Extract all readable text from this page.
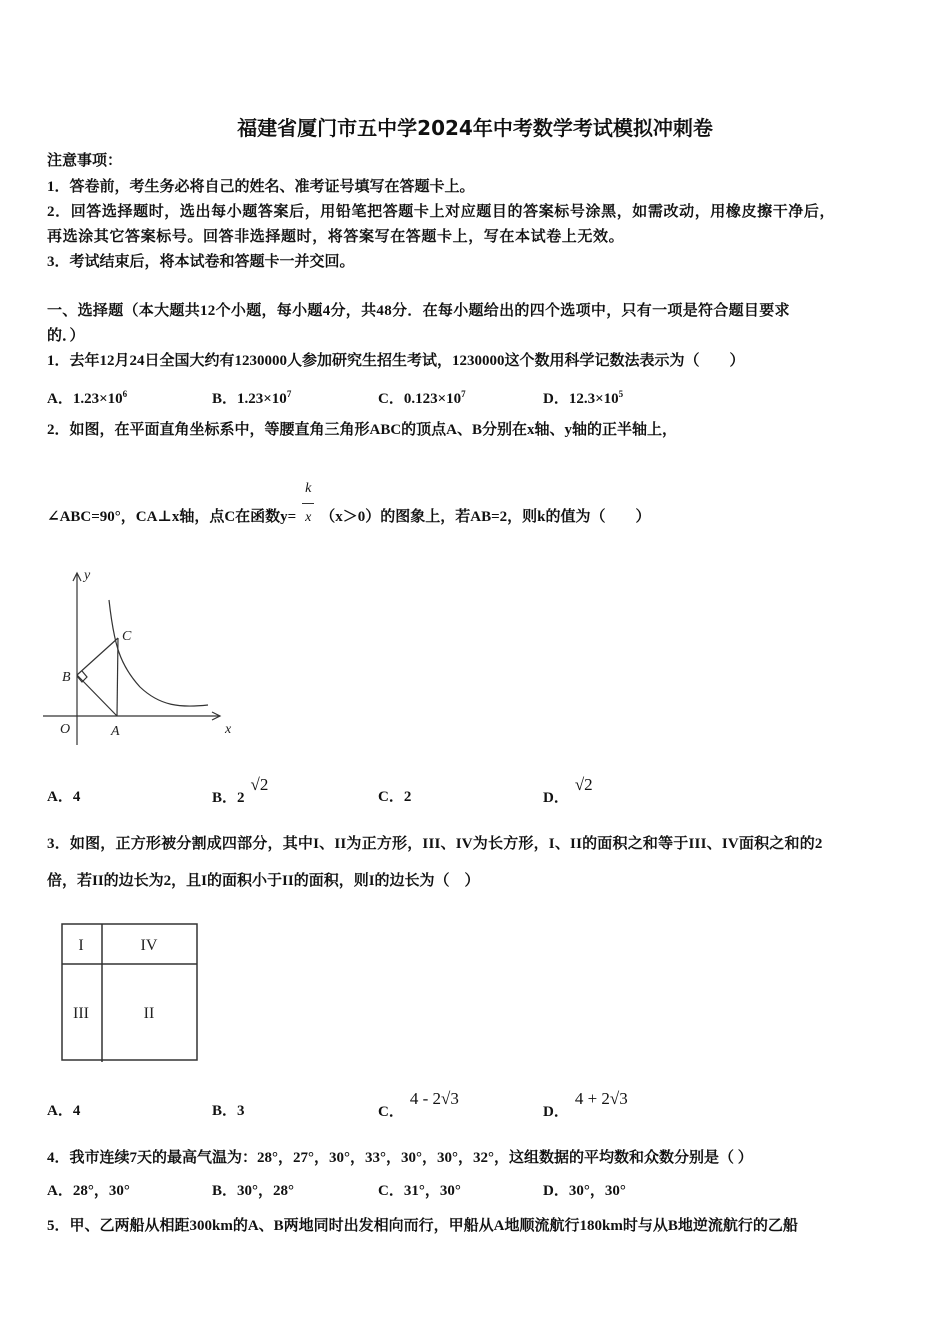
福建省厦门市五中学2024年中考数学考试模拟冲刺卷
注意事项：
1．答卷前，考生务必将自己的姓名、准考证号填写在答题卡上。
2．回答选择题时，选出每小题答案后，用铅笔把答题卡上对应题目的答案标号涂黑，如需改动，用橡皮擦干净后，
再选涂其它答案标号。回答非选择题时，将答案写在答题卡上，写在本试卷上无效。
3．考试结束后，将本试卷和答题卡一并交回。
一、选择题（本大题共12个小题，每小题4分，共48分．在每小题给出的四个选项中，只有一项是符合题目要求
的．）
1．去年12月24日全国大约有1230000人参加研究生招生考试，1230000这个数用科学记数法表示为（　　）
A．$1.23\times 10^6$	B．$1.23\times 10^7$	C．$0.123\times 10^7$	D．$12.3\times 10^5$
2．如图，在平面直角坐标系中，等腰直角三角形ABC的顶点A、B分别在x轴、y轴的正半轴上，
∠ABC=90°，CA⊥x轴，点C在函数$y= \frac{k}{x} (x>0)$的图象上，若AB=2，则k的值为（　　）
y
x
O	A
B
C
A．4	B．2√2
C．2	D．√2
3．如图，正方形被分割成四部分，其中I、II为正方形，III、IV为长方形，I、II的面积之和等于III、IV面积之和的2
倍，若II的边长为2，且I的面积小于II的面积，则I的边长为（　）
I	IV
III	II
A．4	B．3	C．4 - 2√3
D．4 + 2√3
4．我市连续7天的最高气温为：28°，27°，30°，33°，30°，30°，32°，这组数据的平均数和众数分别是（ ）
A．28°，30°	B．30°，28°	C．31°，30°	D．30°，30°
5．甲、乙两船从相距300km的A、B两地同时出发相向而行，甲船从A地顺流航行180km时与从B地逆流航行的乙船
